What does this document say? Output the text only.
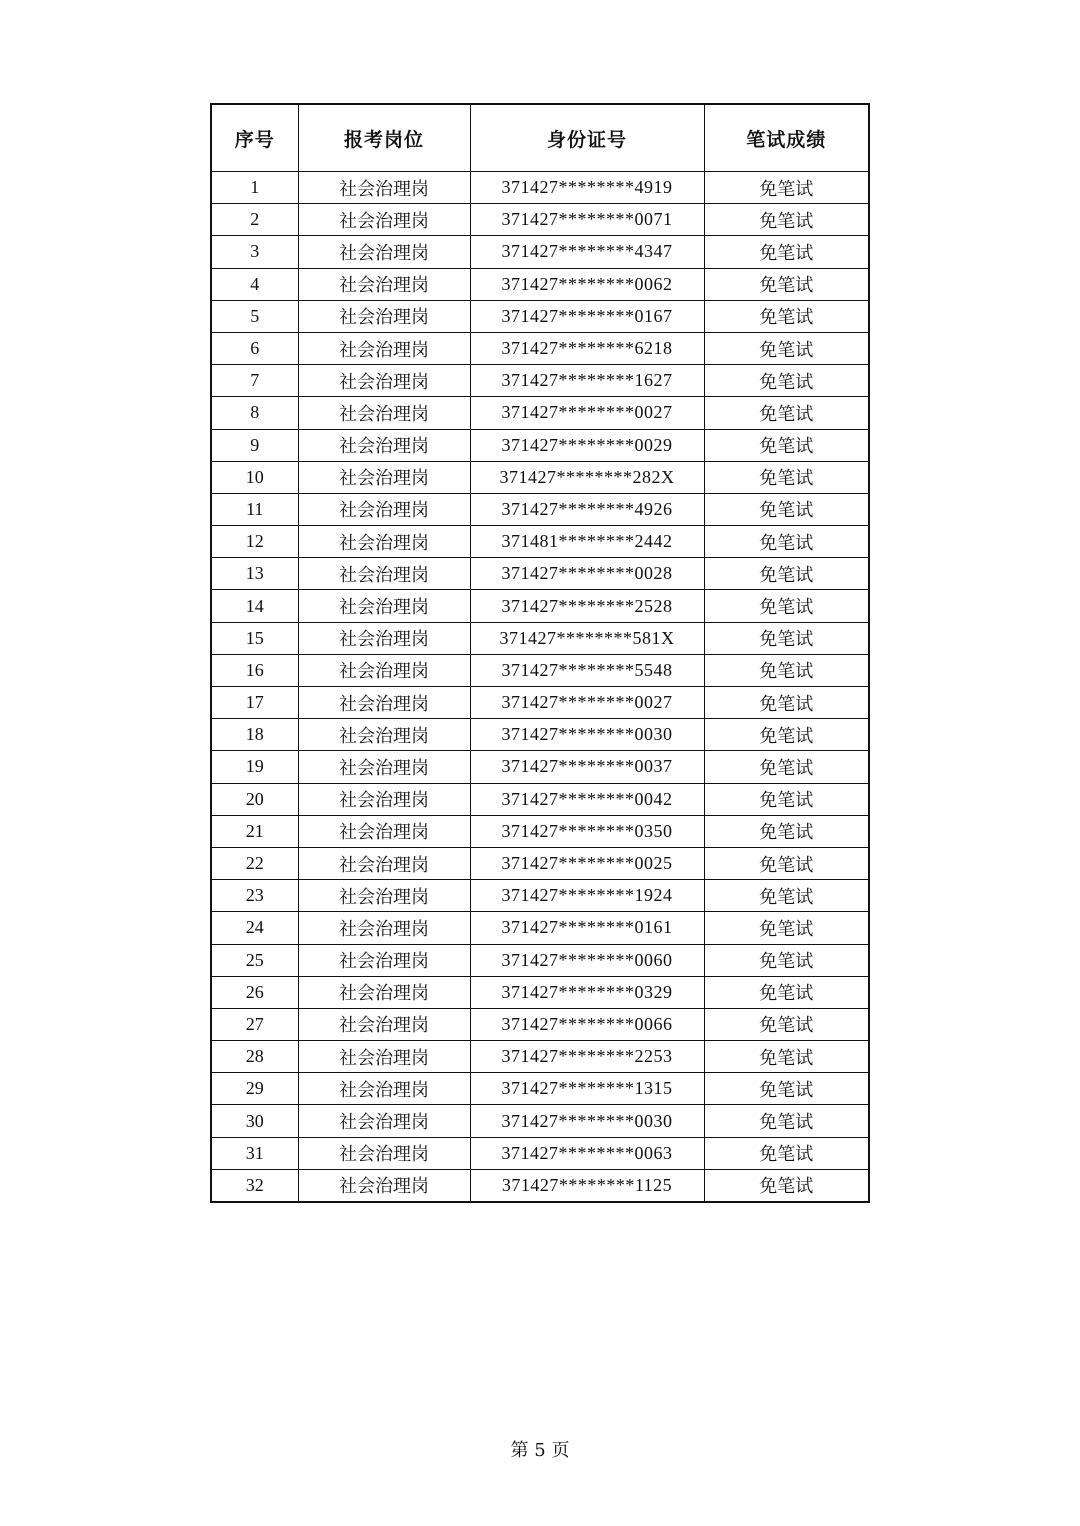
序号	报考岗位	身份证号	笔试成绩
1	社会治理岗	371427********4919	免笔试
2	社会治理岗	371427********0071	免笔试
3	社会治理岗	371427********4347	免笔试
4	社会治理岗	371427********0062	免笔试
5	社会治理岗	371427********0167	免笔试
6	社会治理岗	371427********6218	免笔试
7	社会治理岗	371427********1627	免笔试
8	社会治理岗	371427********0027	免笔试
9	社会治理岗	371427********0029	免笔试
10	社会治理岗	371427********282X	免笔试
11	社会治理岗	371427********4926	免笔试
12	社会治理岗	371481********2442	免笔试
13	社会治理岗	371427********0028	免笔试
14	社会治理岗	371427********2528	免笔试
15	社会治理岗	371427********581X	免笔试
16	社会治理岗	371427********5548	免笔试
17	社会治理岗	371427********0027	免笔试
18	社会治理岗	371427********0030	免笔试
19	社会治理岗	371427********0037	免笔试
20	社会治理岗	371427********0042	免笔试
21	社会治理岗	371427********0350	免笔试
22	社会治理岗	371427********0025	免笔试
23	社会治理岗	371427********1924	免笔试
24	社会治理岗	371427********0161	免笔试
25	社会治理岗	371427********0060	免笔试
26	社会治理岗	371427********0329	免笔试
27	社会治理岗	371427********0066	免笔试
28	社会治理岗	371427********2253	免笔试
29	社会治理岗	371427********1315	免笔试
30	社会治理岗	371427********0030	免笔试
31	社会治理岗	371427********0063	免笔试
32	社会治理岗	371427********1125	免笔试
第 5 页
